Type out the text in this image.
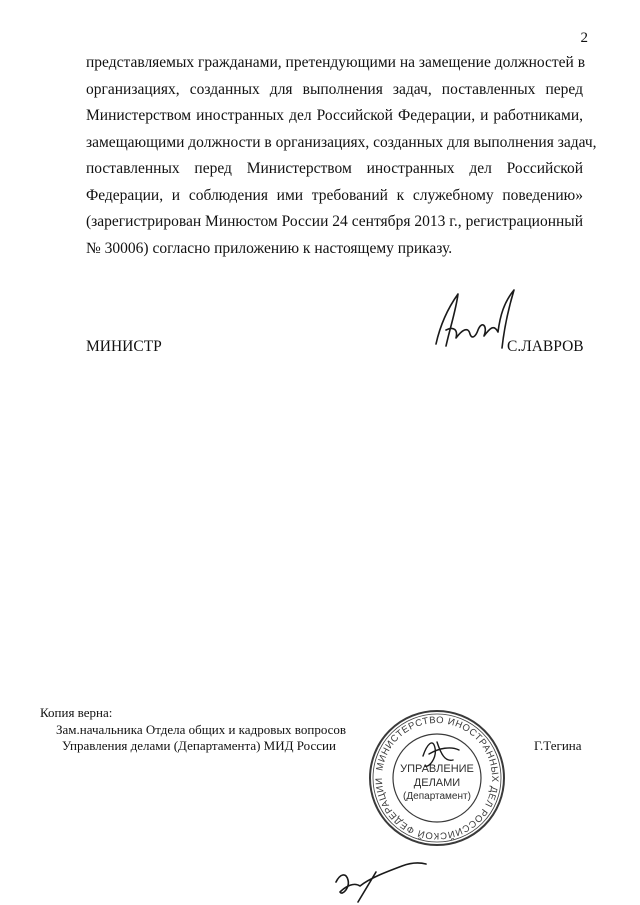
2
представляемых гражданами, претендующими на замещение должностей в
организациях, созданных для выполнения задач, поставленных перед
Министерством иностранных дел Российской Федерации, и работниками,
замещающими должности в организациях, созданных для выполнения задач,
поставленных перед Министерством иностранных дел Российской
Федерации, и соблюдения ими требований к служебному поведению»
(зарегистрирован Минюстом России 24 сентября 2013 г., регистрационный
№ 30006) согласно приложению к настоящему приказу.
МИНИСТР	С.ЛАВРОВ
Копия верна:
Зам.начальника Отдела общих и кадровых вопросов
Управления делами (Департамента) МИД России
МИНИСТЕРСТВО ИНОСТРАННЫХ ДЕЛ РОССИЙСКОЙ ФЕДЕРАЦИИ
УПРАВЛЕНИЕ
ДЕЛАМИ
(Департамент)
Г.Тегина
